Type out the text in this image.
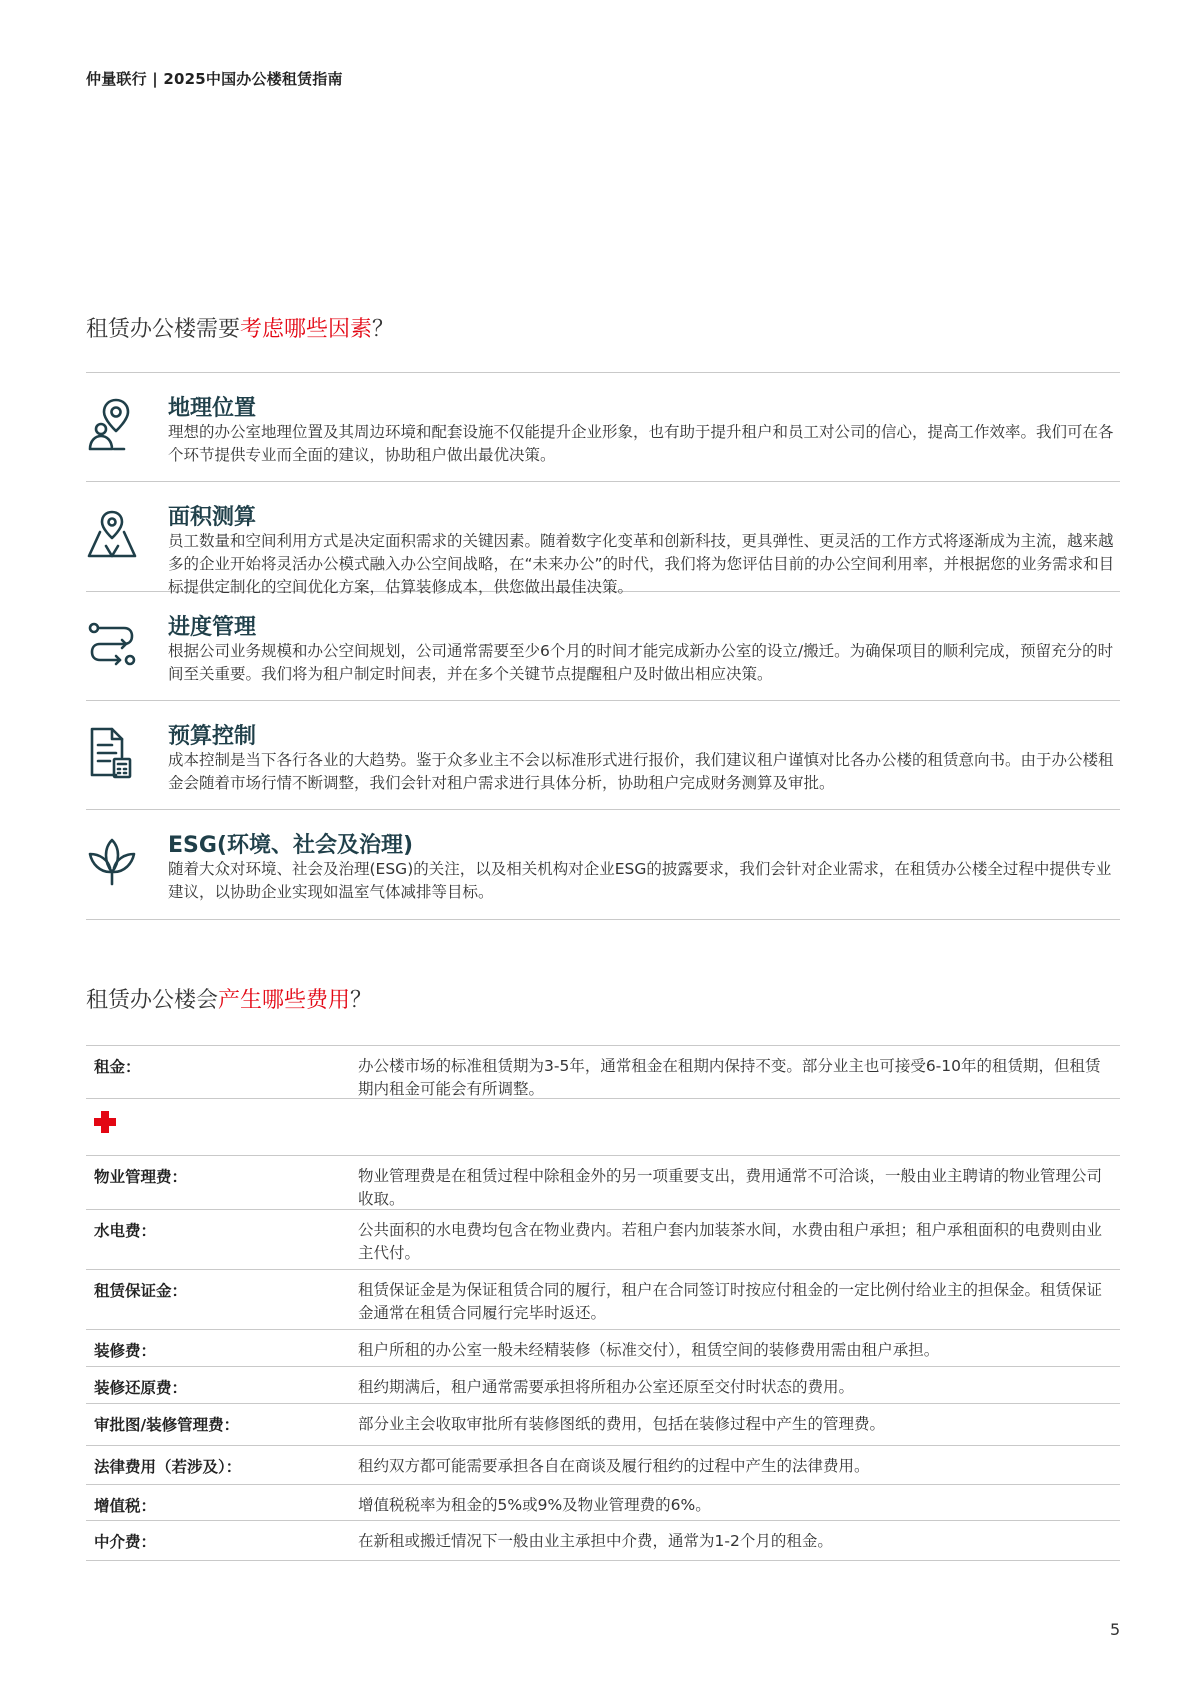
仲量联行 | 2025中国办公楼租赁指南
租赁办公楼需要考虑哪些因素？
地理位置
理想的办公室地理位置及其周边环境和配套设施不仅能提升企业形象，也有助于提升租户和员工对公司的信心，提高工作效率。我们可在各个环节提供专业而全面的建议，协助租户做出最优决策。
面积测算
员工数量和空间利用方式是决定面积需求的关键因素。随着数字化变革和创新科技，更具弹性、更灵活的工作方式将逐渐成为主流，越来越多的企业开始将灵活办公模式融入办公空间战略，在“未来办公”的时代，我们将为您评估目前的办公空间利用率，并根据您的业务需求和目标提供定制化的空间优化方案，估算装修成本，供您做出最佳决策。
进度管理
根据公司业务规模和办公空间规划，公司通常需要至少6个月的时间才能完成新办公室的设立/搬迁。为确保项目的顺利完成，预留充分的时间至关重要。我们将为租户制定时间表，并在多个关键节点提醒租户及时做出相应决策。
预算控制
成本控制是当下各行各业的大趋势。鉴于众多业主不会以标准形式进行报价，我们建议租户谨慎对比各办公楼的租赁意向书。由于办公楼租金会随着市场行情不断调整，我们会针对租户需求进行具体分析，协助租户完成财务测算及审批。
ESG(环境、社会及治理)
随着大众对环境、社会及治理(ESG)的关注，以及相关机构对企业ESG的披露要求，我们会针对企业需求，在租赁办公楼全过程中提供专业建议，以协助企业实现如温室气体减排等目标。
租赁办公楼会产生哪些费用？
租金：	办公楼市场的标准租赁期为3-5年，通常租金在租期内保持不变。部分业主也可接受6-10年的租赁期，但租赁期内租金可能会有所调整。
物业管理费：	物业管理费是在租赁过程中除租金外的另一项重要支出，费用通常不可洽谈，一般由业主聘请的物业管理公司收取。
水电费：	公共面积的水电费均包含在物业费内。若租户套内加装茶水间，水费由租户承担；租户承租面积的电费则由业主代付。
租赁保证金：	租赁保证金是为保证租赁合同的履行，租户在合同签订时按应付租金的一定比例付给业主的担保金。租赁保证金通常在租赁合同履行完毕时返还。
装修费：	租户所租的办公室一般未经精装修（标准交付），租赁空间的装修费用需由租户承担。
装修还原费：	租约期满后，租户通常需要承担将所租办公室还原至交付时状态的费用。
审批图/装修管理费：	部分业主会收取审批所有装修图纸的费用，包括在装修过程中产生的管理费。
法律费用（若涉及）：	租约双方都可能需要承担各自在商谈及履行租约的过程中产生的法律费用。
增值税：	增值税税率为租金的5%或9%及物业管理费的6%。
中介费：	在新租或搬迁情况下一般由业主承担中介费，通常为1-2个月的租金。
5
